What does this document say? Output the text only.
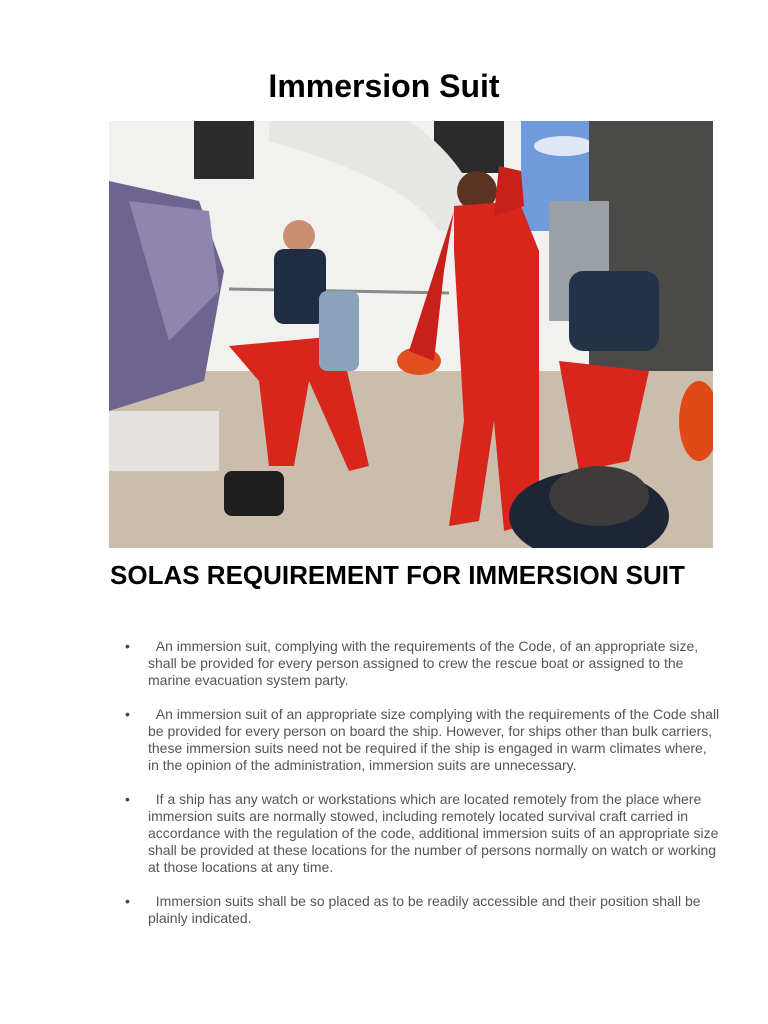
Immersion Suit
SOLAS REQUIREMENT FOR IMMERSION SUIT
• An immersion suit, complying with the requirements of the Code, of an appropriate size, shall be provided for every person assigned to crew the rescue boat or assigned to the marine evacuation system party.
• An immersion suit of an appropriate size complying with the requirements of the Code shall be provided for every person on board the ship. However, for ships other than bulk carriers, these immersion suits need not be required if the ship is engaged in warm climates where, in the opinion of the administration, immersion suits are unnecessary.
• If a ship has any watch or workstations which are located remotely from the place where immersion suits are normally stowed, including remotely located survival craft carried in accordance with the regulation of the code, additional immersion suits of an appropriate size shall be provided at these locations for the number of persons normally on watch or working at those locations at any time.
• Immersion suits shall be so placed as to be readily accessible and their position shall be plainly indicated.
